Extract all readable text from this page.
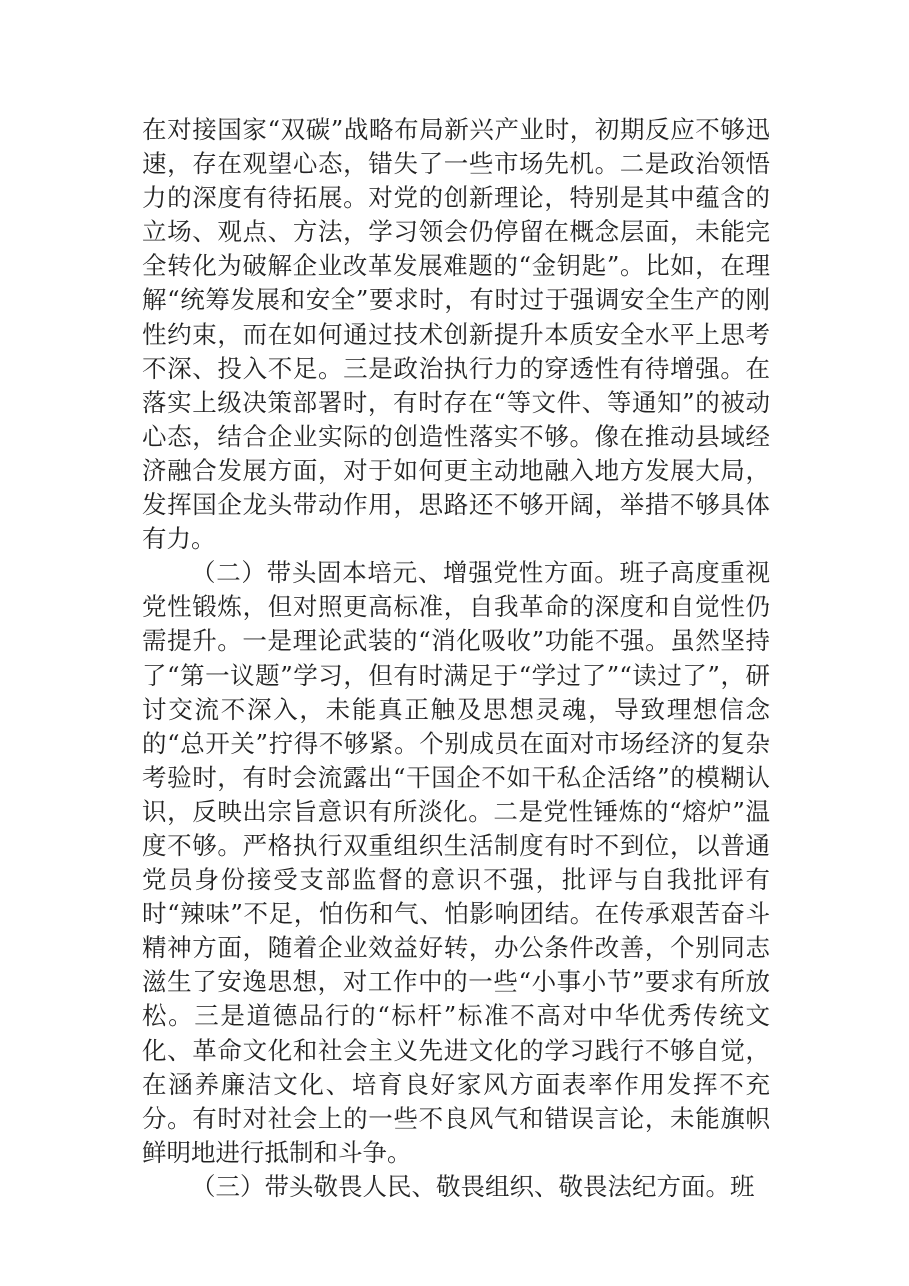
在对接国家“双碳”战略布局新兴产业时，初期反应不够迅速，存在观望心态，错失了一些市场先机。二是政治领悟力的深度有待拓展。对党的创新理论，特别是其中蕴含的立场、观点、方法，学习领会仍停留在概念层面，未能完全转化为破解企业改革发展难题的“金钥匙”。比如，在理解“统筹发展和安全”要求时，有时过于强调安全生产的刚性约束，而在如何通过技术创新提升本质安全水平上思考不深、投入不足。三是政治执行力的穿透性有待增强。在落实上级决策部署时，有时存在“等文件、等通知”的被动心态，结合企业实际的创造性落实不够。像在推动县域经济融合发展方面，对于如何更主动地融入地方发展大局，发挥国企龙头带动作用，思路还不够开阔，举措不够具体有力。

（二）带头固本培元、增强党性方面。班子高度重视党性锻炼，但对照更高标准，自我革命的深度和自觉性仍需提升。一是理论武装的“消化吸收”功能不强。虽然坚持了“第一议题”学习，但有时满足于“学过了”“读过了”，研讨交流不深入，未能真正触及思想灵魂，导致理想信念的“总开关”拧得不够紧。个别成员在面对市场经济的复杂考验时，有时会流露出“干国企不如干私企活络”的模糊认识，反映出宗旨意识有所淡化。二是党性锤炼的“熔炉”温度不够。严格执行双重组织生活制度有时不到位，以普通党员身份接受支部监督的意识不强，批评与自我批评有时“辣味”不足，怕伤和气、怕影响团结。在传承艰苦奋斗精神方面，随着企业效益好转，办公条件改善，个别同志滋生了安逸思想，对工作中的一些“小事小节”要求有所放松。三是道德品行的“标杆”标准不高对中华优秀传统文化、革命文化和社会主义先进文化的学习践行不够自觉，在涵养廉洁文化、培育良好家风方面表率作用发挥不充分。有时对社会上的一些不良风气和错误言论，未能旗帜鲜明地进行抵制和斗争。

（三）带头敬畏人民、敬畏组织、敬畏法纪方面。班
